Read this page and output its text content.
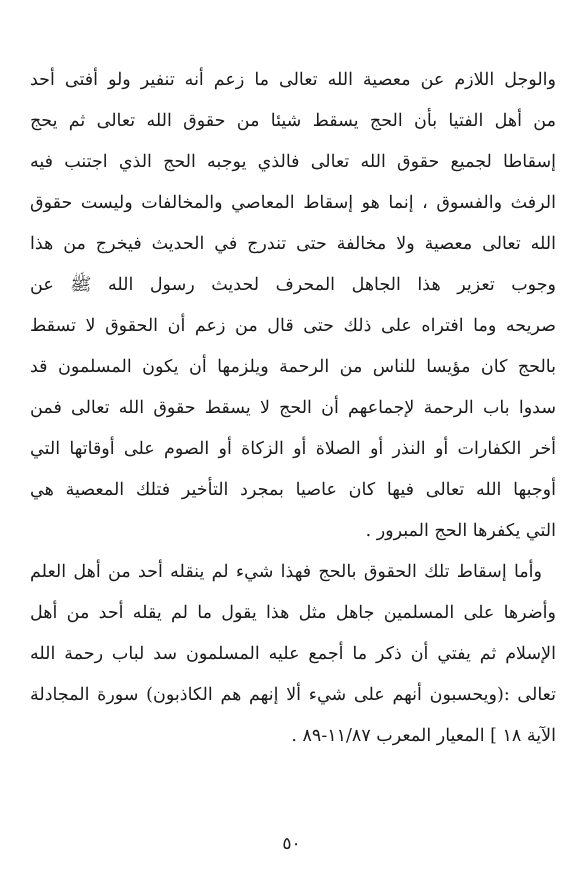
والوجل اللازم عن معصية الله تعالى ما زعم أنه تنفير ولو أفتى أحد
من أهل الفتيا بأن الحج يسقط شيئا من حقوق الله تعالى ثم يحج
إسقاطا لجميع حقوق الله تعالى فالذي يوجبه الحج الذي اجتنب فيه
الرفث والفسوق ، إنما هو إسقاط المعاصي والمخالفات وليست حقوق
الله تعالى معصية ولا مخالفة حتى تندرج في الحديث فيخرج من هذا
وجوب تعزير هذا الجاهل المحرف لحديث رسول الله ﷺ عن
صريحه وما افتراه على ذلك حتى قال من زعم أن الحقوق لا تسقط
بالحج كان مؤيسا للناس من الرحمة ويلزمها أن يكون المسلمون قد
سدوا باب الرحمة لإجماعهم أن الحج لا يسقط حقوق الله تعالى فمن
أخر الكفارات أو النذر أو الصلاة أو الزكاة أو الصوم على أوقاتها التي
أوجبها الله تعالى فيها كان عاصيا بمجرد التأخير فتلك المعصية هي
التي يكفرها الحج المبرور .
وأما إسقاط تلك الحقوق بالحج فهذا شيء لم ينقله أحد من أهل العلم
وأضرها على المسلمين جاهل مثل هذا يقول ما لم يقله أحد من أهل
الإسلام ثم يفتي أن ذكر ما أجمع عليه المسلمون سد لباب رحمة الله
تعالى :(ويحسبون أنهم على شيء ألا إنهم هم الكاذبون) سورة المجادلة
الآية ١٨ ] المعيار المعرب ١١/٨٧-٨٩ .
٥٠
